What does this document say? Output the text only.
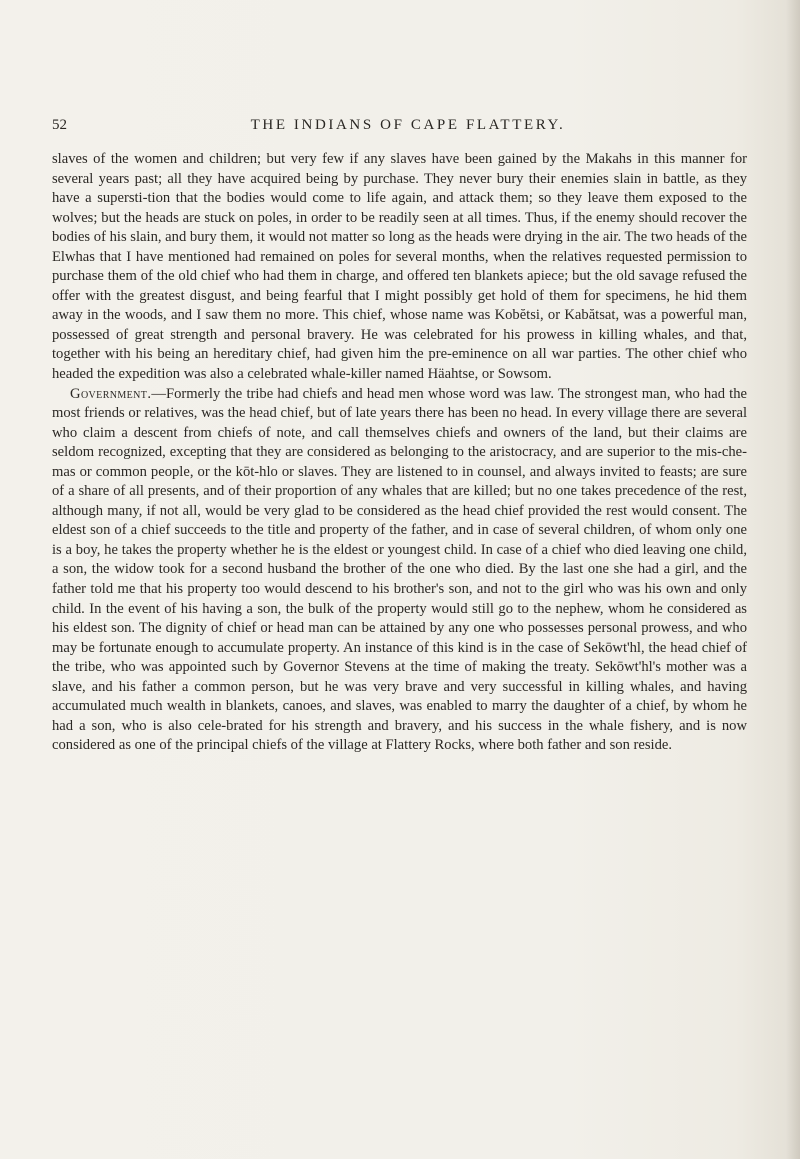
52	THE INDIANS OF CAPE FLATTERY.

slaves of the women and children; but very few if any slaves have been gained by the Makahs in this manner for several years past; all they have acquired being by purchase. They never bury their enemies slain in battle, as they have a supersti-tion that the bodies would come to life again, and attack them; so they leave them exposed to the wolves; but the heads are stuck on poles, in order to be readily seen at all times. Thus, if the enemy should recover the bodies of his slain, and bury them, it would not matter so long as the heads were drying in the air. The two heads of the Elwhas that I have mentioned had remained on poles for several months, when the relatives requested permission to purchase them of the old chief who had them in charge, and offered ten blankets apiece; but the old savage refused the offer with the greatest disgust, and being fearful that I might possibly get hold of them for specimens, he hid them away in the woods, and I saw them no more. This chief, whose name was Kobĕtsi, or Kabătsat, was a powerful man, possessed of great strength and personal bravery. He was celebrated for his prowess in killing whales, and that, together with his being an hereditary chief, had given him the pre-eminence on all war parties. The other chief who headed the expedition was also a celebrated whale-killer named Häahtse, or Sowsom.

Government.—Formerly the tribe had chiefs and head men whose word was law. The strongest man, who had the most friends or relatives, was the head chief, but of late years there has been no head. In every village there are several who claim a descent from chiefs of note, and call themselves chiefs and owners of the land, but their claims are seldom recognized, excepting that they are considered as belonging to the aristocracy, and are superior to the mis-che-mas or common people, or the kōt-hlo or slaves. They are listened to in counsel, and always invited to feasts; are sure of a share of all presents, and of their proportion of any whales that are killed; but no one takes precedence of the rest, although many, if not all, would be very glad to be considered as the head chief provided the rest would consent. The eldest son of a chief succeeds to the title and property of the father, and in case of several children, of whom only one is a boy, he takes the property whether he is the eldest or youngest child. In case of a chief who died leaving one child, a son, the widow took for a second husband the brother of the one who died. By the last one she had a girl, and the father told me that his property too would descend to his brother's son, and not to the girl who was his own and only child. In the event of his having a son, the bulk of the property would still go to the nephew, whom he considered as his eldest son. The dignity of chief or head man can be attained by any one who possesses personal prowess, and who may be fortunate enough to accumulate property. An instance of this kind is in the case of Sekōwt'hl, the head chief of the tribe, who was appointed such by Governor Stevens at the time of making the treaty. Sekōwt'hl's mother was a slave, and his father a common person, but he was very brave and very successful in killing whales, and having accumulated much wealth in blankets, canoes, and slaves, was enabled to marry the daughter of a chief, by whom he had a son, who is also cele-brated for his strength and bravery, and his success in the whale fishery, and is now considered as one of the principal chiefs of the village at Flattery Rocks, where both father and son reside.
